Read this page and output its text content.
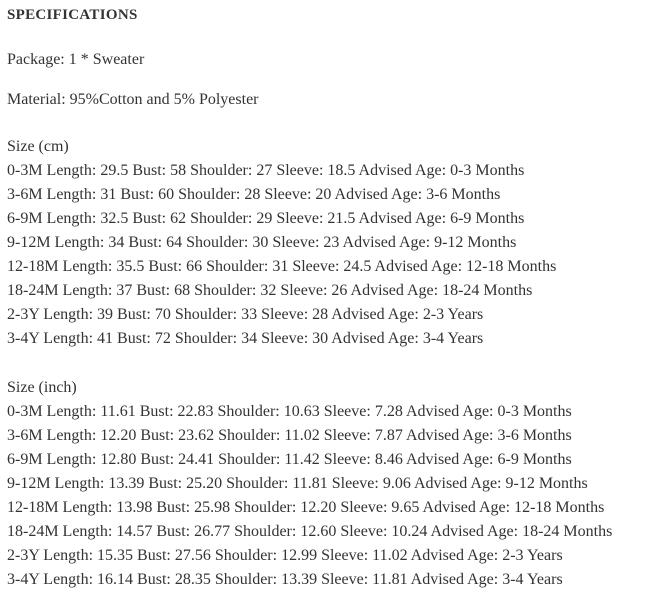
SPECIFICATIONS

Package: 1 * Sweater

Material: 95%Cotton and 5% Polyester

Size (cm)
0-3M Length: 29.5 Bust: 58 Shoulder: 27 Sleeve: 18.5 Advised Age: 0-3 Months
3-6M Length: 31 Bust: 60 Shoulder: 28 Sleeve: 20 Advised Age: 3-6 Months
6-9M Length: 32.5 Bust: 62 Shoulder: 29 Sleeve: 21.5 Advised Age: 6-9 Months
9-12M Length: 34 Bust: 64 Shoulder: 30 Sleeve: 23 Advised Age: 9-12 Months
12-18M Length: 35.5 Bust: 66 Shoulder: 31 Sleeve: 24.5 Advised Age: 12-18 Months
18-24M Length: 37 Bust: 68 Shoulder: 32 Sleeve: 26 Advised Age: 18-24 Months
2-3Y Length: 39 Bust: 70 Shoulder: 33 Sleeve: 28 Advised Age: 2-3 Years
3-4Y Length: 41 Bust: 72 Shoulder: 34 Sleeve: 30 Advised Age: 3-4 Years
Size (inch)
0-3M Length: 11.61 Bust: 22.83 Shoulder: 10.63 Sleeve: 7.28 Advised Age: 0-3 Months
3-6M Length: 12.20 Bust: 23.62 Shoulder: 11.02 Sleeve: 7.87 Advised Age: 3-6 Months
6-9M Length: 12.80 Bust: 24.41 Shoulder: 11.42 Sleeve: 8.46 Advised Age: 6-9 Months
9-12M Length: 13.39 Bust: 25.20 Shoulder: 11.81 Sleeve: 9.06 Advised Age: 9-12 Months
12-18M Length: 13.98 Bust: 25.98 Shoulder: 12.20 Sleeve: 9.65 Advised Age: 12-18 Months
18-24M Length: 14.57 Bust: 26.77 Shoulder: 12.60 Sleeve: 10.24 Advised Age: 18-24 Months
2-3Y Length: 15.35 Bust: 27.56 Shoulder: 12.99 Sleeve: 11.02 Advised Age: 2-3 Years
3-4Y Length: 16.14 Bust: 28.35 Shoulder: 13.39 Sleeve: 11.81 Advised Age: 3-4 Years
